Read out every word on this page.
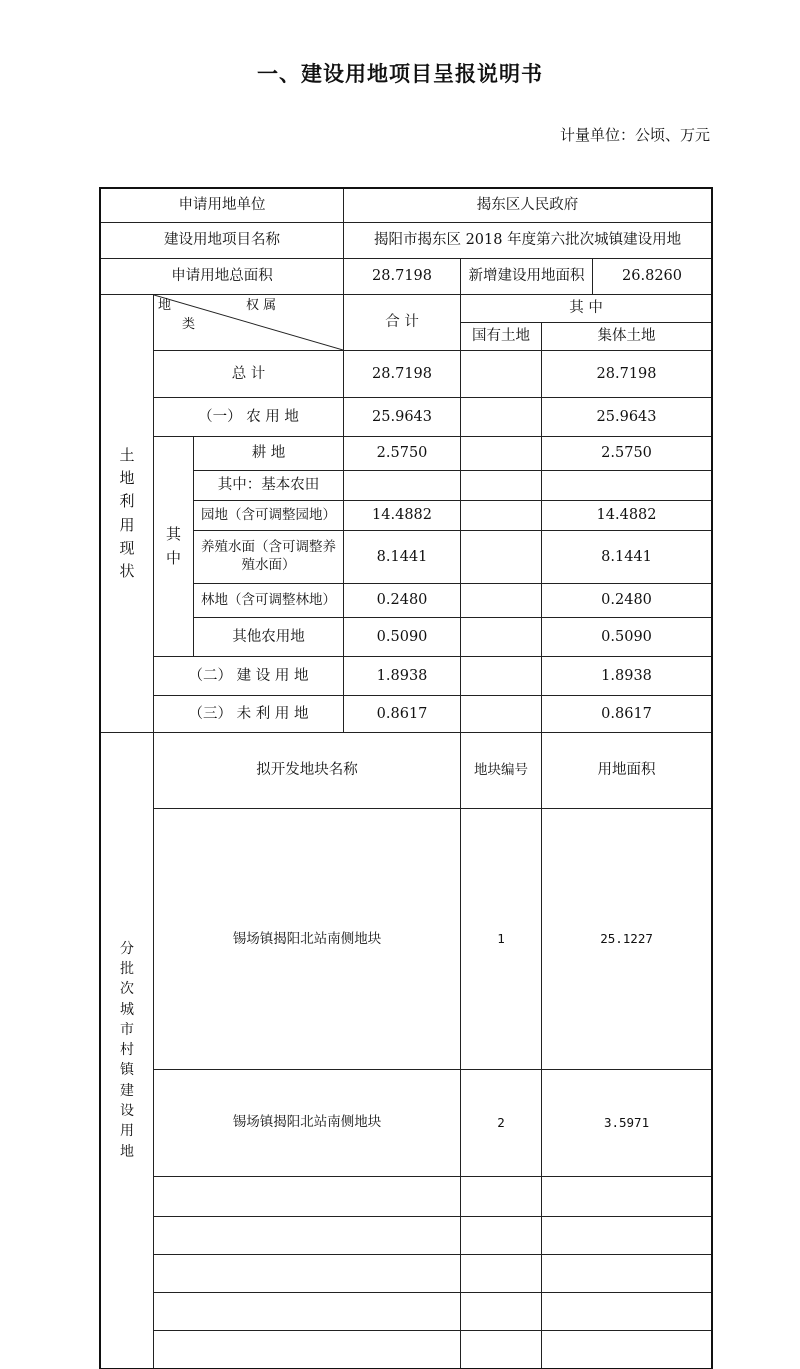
一、建设用地项目呈报说明书
计量单位：公顷、万元
申请用地单位			揭东区人民政府				
建设用地项目名称			揭阳市揭东区 2018 年度第六批次城镇建设用地				
申请用地总面积			28.7198	新增建设用地面积		26.8260	
土地利用现状	权 属
地
类		合 计	其 中			
				国有土地	集体土地		
	总 计		28.7198		28.7198		
	（一） 农 用 地		25.9643		25.9643		
	其中	耕 地	2.5750		2.5750		
		其中：基本农田					
		园地（含可调整园地）	14.4882		14.4882		
		养殖水面（含可调整养殖水面）	8.1441		8.1441		
		林地（含可调整林地）	0.2480		0.2480		
		其他农用地	0.5090		0.5090		
	（二） 建 设 用 地		1.8938		1.8938		
	（三） 未 利 用 地		0.8617		0.8617		
分批次城市村镇建设用地	拟开发地块名称			地块编号	用地面积	
	锡场镇揭阳北站南侧地块			1	25.1227	
	锡场镇揭阳北站南侧地块			2	3.5971	
